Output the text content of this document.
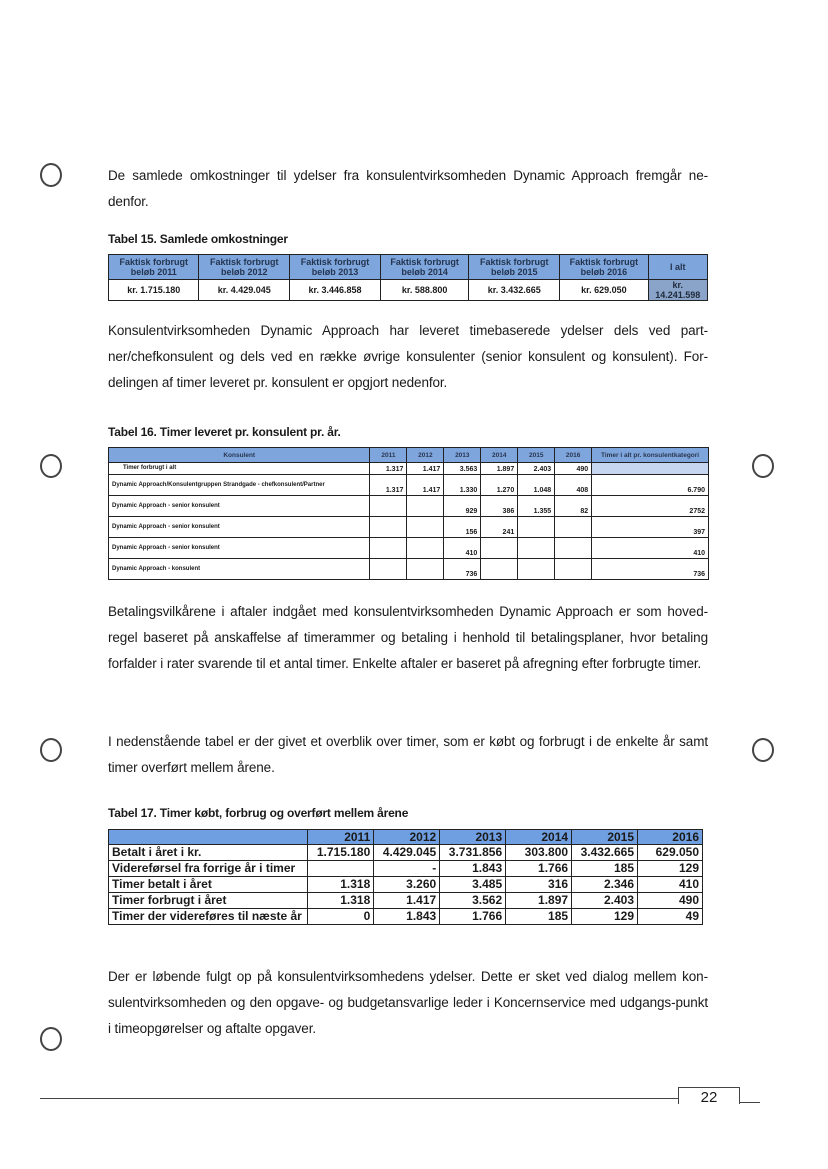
De samlede omkostninger til ydelser fra konsulentvirksomheden Dynamic Approach fremgår ne-denfor.
Tabel 15. Samlede omkostninger
Faktisk forbrugt beløb 2011	Faktisk forbrugt beløb 2012	Faktisk forbrugt beløb 2013	Faktisk forbrugt beløb 2014	Faktisk forbrugt beløb 2015	Faktisk forbrugt beløb 2016	I alt
kr. 1.715.180	kr. 4.429.045	kr. 3.446.858	kr. 588.800	kr. 3.432.665	kr. 629.050	kr. 14.241.598
Konsulentvirksomheden Dynamic Approach har leveret timebaserede ydelser dels ved part-ner/chefkonsulent og dels ved en række øvrige konsulenter (senior konsulent og konsulent). For-delingen af timer leveret pr. konsulent er opgjort nedenfor.
Tabel 16. Timer leveret pr. konsulent pr. år.
Konsulent	2011	2012	2013	2014	2015	2016	Timer i alt pr. konsulentkategori
Timer forbrugt i alt	1.317	1.417	3.563	1.897	2.403	490	
Dynamic Approach/Konsulentgruppen Strandgade - chefkonsulent/Partner	1.317	1.417	1.330	1.270	1.048	408	6.790
Dynamic Approach - senior konsulent			929	386	1.355	82	2752
Dynamic Approach - senior konsulent			156	241			397
Dynamic Approach - senior konsulent			410				410
Dynamic Approach - konsulent			736				736
Betalingsvilkårene i aftaler indgået med konsulentvirksomheden Dynamic Approach er som hoved-regel baseret på anskaffelse af timerammer og betaling i henhold til betalingsplaner, hvor betaling forfalder i rater svarende til et antal timer. Enkelte aftaler er baseret på afregning efter forbrugte timer.
I nedenstående tabel er der givet et overblik over timer, som er købt og forbrugt i de enkelte år samt timer overført mellem årene.
Tabel 17. Timer købt, forbrug og overført mellem årene
	2011	2012	2013	2014	2015	2016
Betalt i året i kr.	1.715.180	4.429.045	3.731.856	303.800	3.432.665	629.050
Videreførsel fra forrige år i timer		-	1.843	1.766	185	129
Timer betalt i året	1.318	3.260	3.485	316	2.346	410
Timer forbrugt i året	1.318	1.417	3.562	1.897	2.403	490
Timer der videreføres til næste år	0	1.843	1.766	185	129	49
Der er løbende fulgt op på konsulentvirksomhedens ydelser. Dette er sket ved dialog mellem kon-sulentvirksomheden og den opgave- og budgetansvarlige leder i Koncernservice med udgangs-punkt i timeopgørelser og aftalte opgaver.
22
